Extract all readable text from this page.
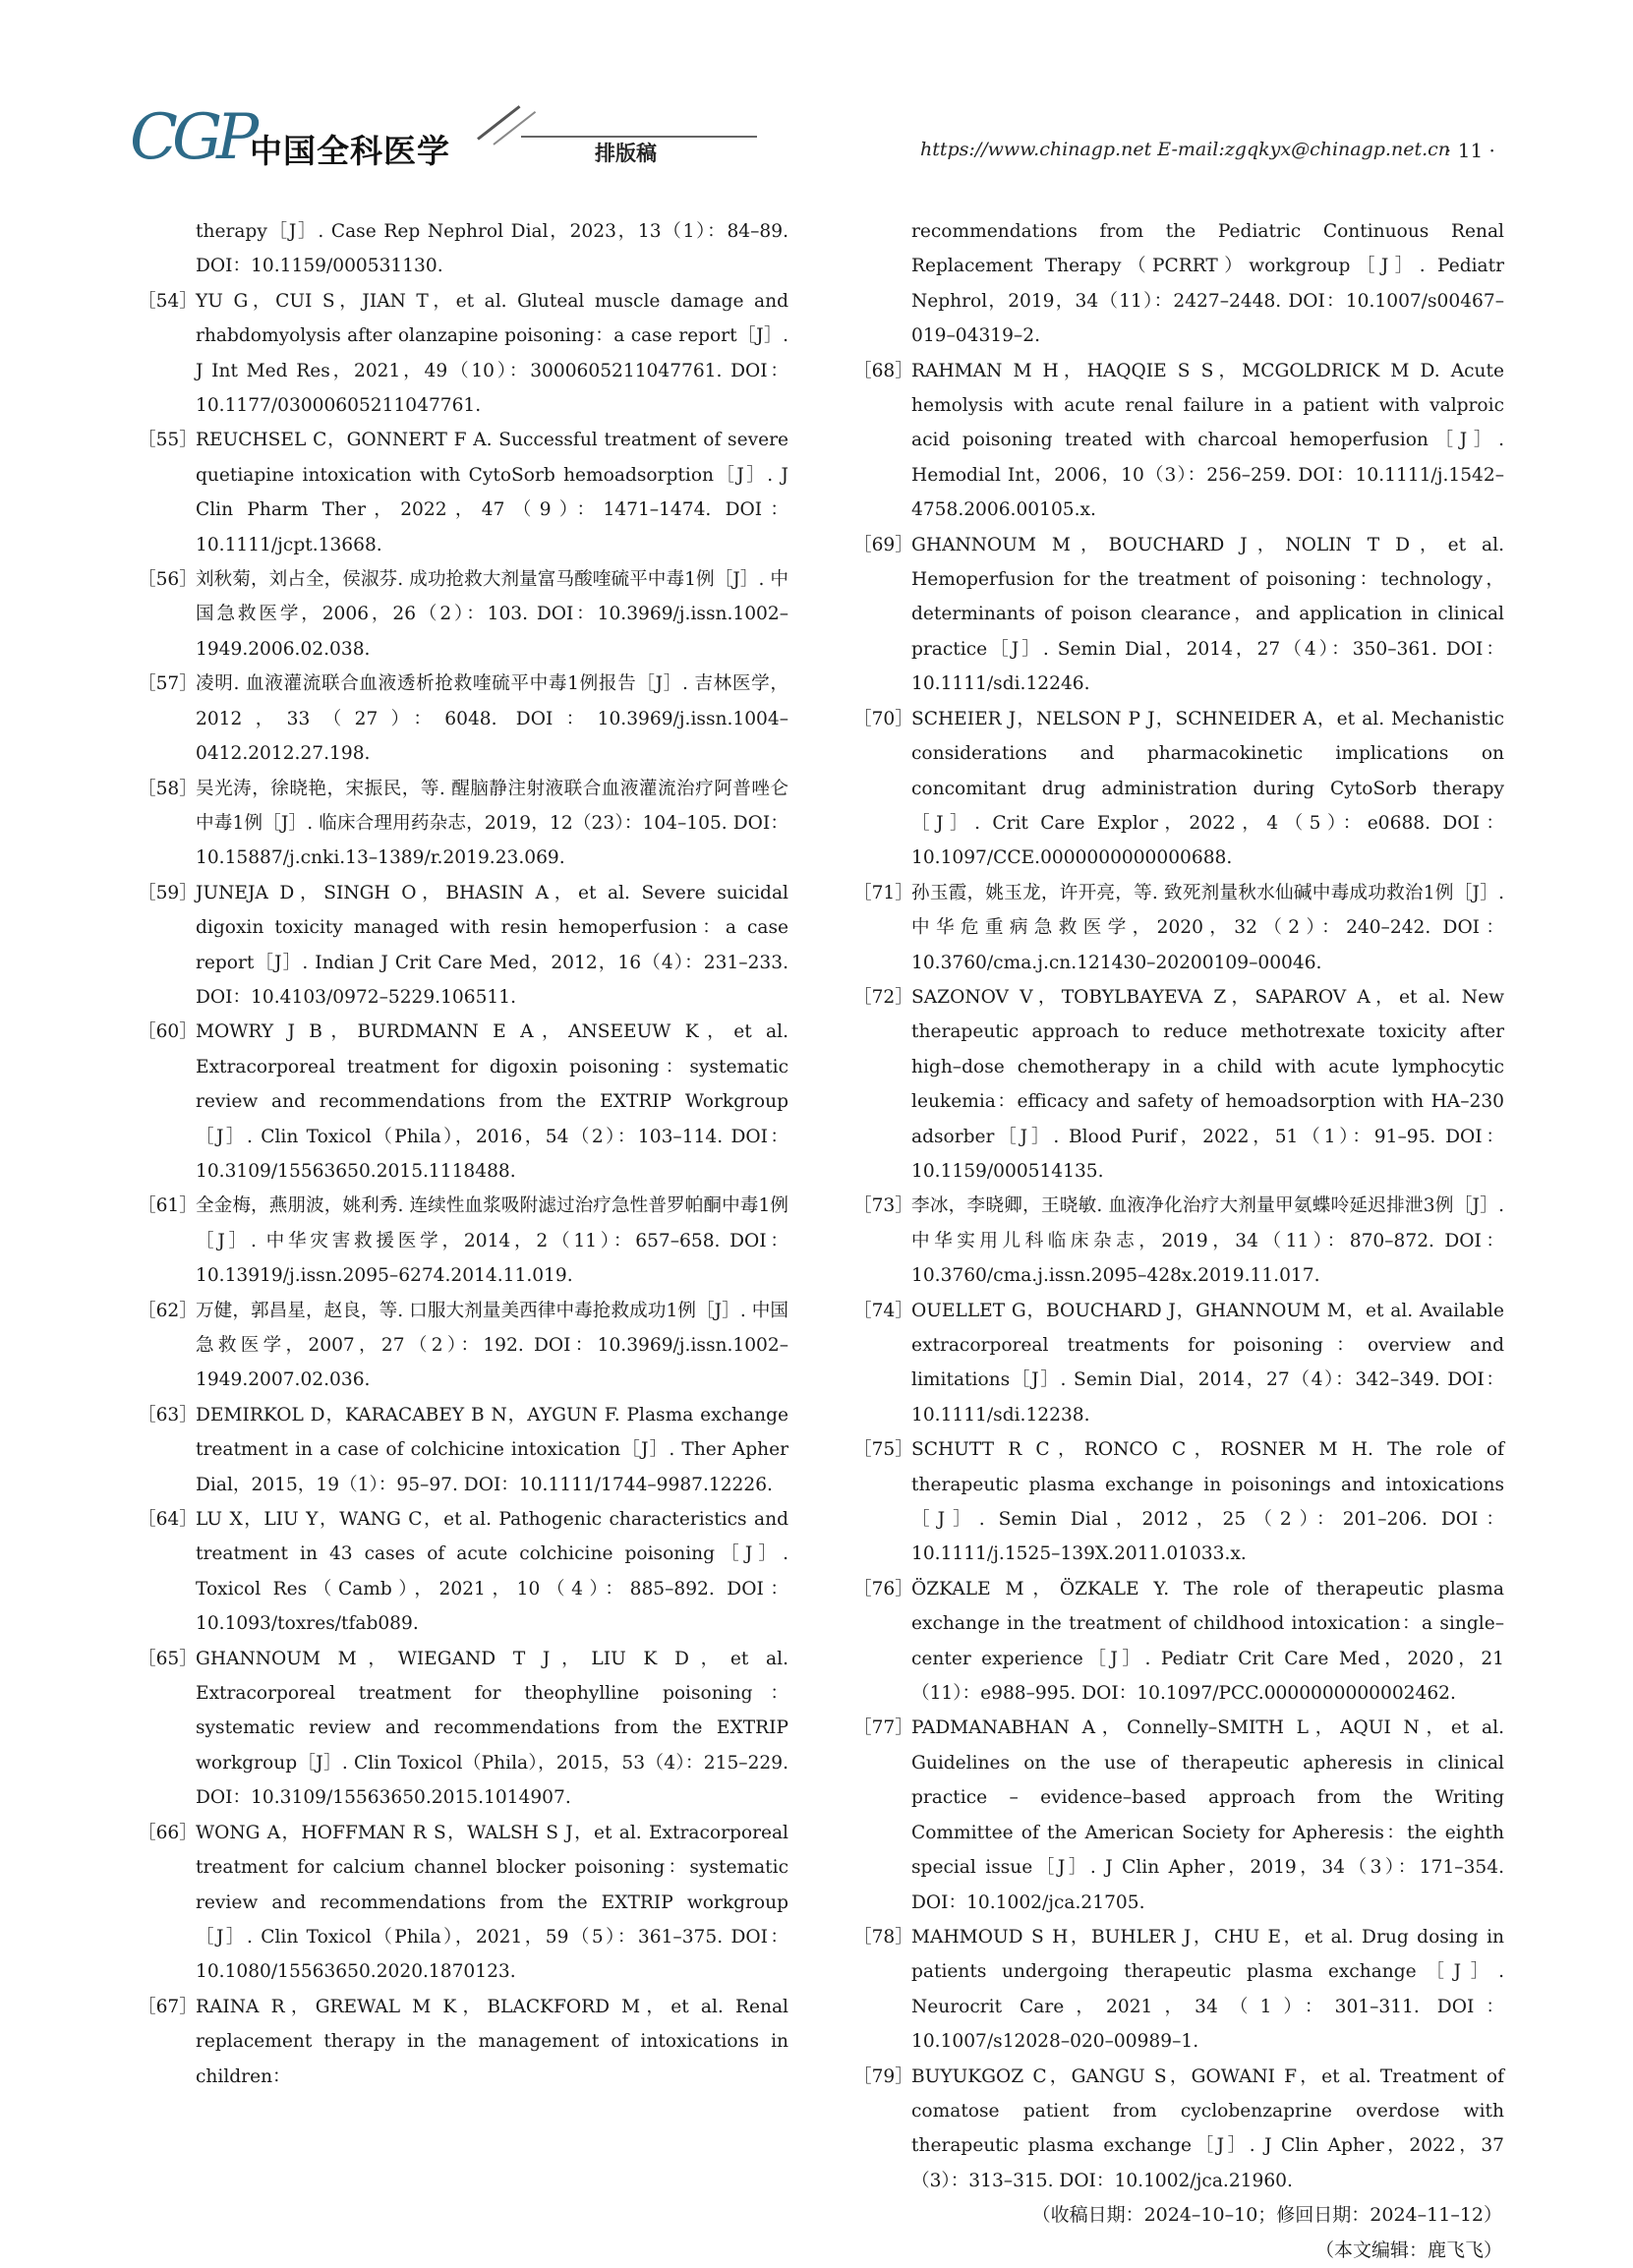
CGP
中国全科医学	排版稿	https://www.chinagp.net E-mail:zgqkyx@chinagp.net.cn
· 11 ·
therapy［J］. Case Rep Nephrol Dial，2023，13（1）：84–89. DOI：10.1159/000531130.
［54］
YU G，CUI S，JIAN T，et al. Gluteal muscle damage and rhabdomyolysis after olanzapine poisoning：a case report［J］. J Int Med Res，2021，49（10）：3000605211047761. DOI：10.1177/03000605211047761.
［55］
REUCHSEL C，GONNERT F A. Successful treatment of severe quetiapine intoxication with CytoSorb hemoadsorption［J］. J Clin Pharm Ther，2022，47（9）：1471–1474. DOI：10.1111/jcpt.13668.
［56］
刘秋菊，刘占全，侯淑芬. 成功抢救大剂量富马酸喹硫平中毒1例［J］. 中国急救医学，2006，26（2）：103. DOI：10.3969/j.issn.1002–1949.2006.02.038.
［57］
凌明. 血液灌流联合血液透析抢救喹硫平中毒1例报告［J］. 吉林医学，2012，33（27）：6048. DOI：10.3969/j.issn.1004–0412.2012.27.198.
［58］
吴光涛，徐晓艳，宋振民，等. 醒脑静注射液联合血液灌流治疗阿普唑仑中毒1例［J］. 临床合理用药杂志，2019，12（23）：104–105. DOI：10.15887/j.cnki.13–1389/r.2019.23.069.
［59］
JUNEJA D，SINGH O，BHASIN A，et al. Severe suicidal digoxin toxicity managed with resin hemoperfusion：a case report［J］. Indian J Crit Care Med，2012，16（4）：231–233. DOI：10.4103/0972–5229.106511.
［60］
MOWRY J B，BURDMANN E A，ANSEEUW K，et al. Extracorporeal treatment for digoxin poisoning：systematic review and recommendations from the EXTRIP Workgroup［J］. Clin Toxicol（Phila），2016，54（2）：103–114. DOI：10.3109/15563650.2015.1118488.
［61］
全金梅，燕朋波，姚利秀. 连续性血浆吸附滤过治疗急性普罗帕酮中毒1例［J］. 中华灾害救援医学，2014，2（11）：657–658. DOI：10.13919/j.issn.2095–6274.2014.11.019.
［62］
万健，郭昌星，赵良，等. 口服大剂量美西律中毒抢救成功1例［J］. 中国急救医学，2007，27（2）：192. DOI：10.3969/j.issn.1002–1949.2007.02.036.
［63］
DEMIRKOL D，KARACABEY B N，AYGUN F. Plasma exchange treatment in a case of colchicine intoxication［J］. Ther Apher Dial，2015，19（1）：95–97. DOI：10.1111/1744–9987.12226.
［64］
LU X，LIU Y，WANG C，et al. Pathogenic characteristics and treatment in 43 cases of acute colchicine poisoning［J］. Toxicol Res（Camb），2021，10（4）：885–892. DOI：10.1093/toxres/tfab089.
［65］
GHANNOUM M，WIEGAND T J，LIU K D，et al. Extracorporeal treatment for theophylline poisoning：systematic review and recommendations from the EXTRIP workgroup［J］. Clin Toxicol（Phila），2015，53（4）：215–229. DOI：10.3109/15563650.2015.1014907.
［66］
WONG A，HOFFMAN R S，WALSH S J，et al. Extracorporeal treatment for calcium channel blocker poisoning：systematic review and recommendations from the EXTRIP workgroup［J］. Clin Toxicol（Phila），2021，59（5）：361–375. DOI：10.1080/15563650.2020.1870123.
［67］
RAINA R，GREWAL M K，BLACKFORD M，et al. Renal replacement therapy in the management of intoxications in children：
recommendations from the Pediatric Continuous Renal Replacement Therapy（PCRRT）workgroup［J］. Pediatr Nephrol，2019，34（11）：2427–2448. DOI：10.1007/s00467–019–04319–2.
［68］
RAHMAN M H，HAQQIE S S，MCGOLDRICK M D. Acute hemolysis with acute renal failure in a patient with valproic acid poisoning treated with charcoal hemoperfusion［J］. Hemodial Int，2006，10（3）：256–259. DOI：10.1111/j.1542–4758.2006.00105.x.
［69］
GHANNOUM M，BOUCHARD J，NOLIN T D，et al. Hemoperfusion for the treatment of poisoning：technology，determinants of poison clearance，and application in clinical practice［J］. Semin Dial，2014，27（4）：350–361. DOI：10.1111/sdi.12246.
［70］
SCHEIER J，NELSON P J，SCHNEIDER A，et al. Mechanistic considerations and pharmacokinetic implications on concomitant drug administration during CytoSorb therapy［J］. Crit Care Explor，2022，4（5）：e0688. DOI：10.1097/CCE.0000000000000688.
［71］
孙玉霞，姚玉龙，许开亮，等. 致死剂量秋水仙碱中毒成功救治1例［J］. 中华危重病急救医学，2020，32（2）：240–242. DOI：10.3760/cma.j.cn.121430–20200109–00046.
［72］
SAZONOV V，TOBYLBAYEVA Z，SAPAROV A，et al. New therapeutic approach to reduce methotrexate toxicity after high–dose chemotherapy in a child with acute lymphocytic leukemia：efficacy and safety of hemoadsorption with HA–230 adsorber［J］. Blood Purif，2022，51（1）：91–95. DOI：10.1159/000514135.
［73］
李冰，李晓卿，王晓敏. 血液净化治疗大剂量甲氨蝶呤延迟排泄3例［J］. 中华实用儿科临床杂志，2019，34（11）：870–872. DOI：10.3760/cma.j.issn.2095–428x.2019.11.017.
［74］
OUELLET G，BOUCHARD J，GHANNOUM M，et al. Available extracorporeal treatments for poisoning：overview and limitations［J］. Semin Dial，2014，27（4）：342–349. DOI：10.1111/sdi.12238.
［75］
SCHUTT R C，RONCO C，ROSNER M H. The role of therapeutic plasma exchange in poisonings and intoxications［J］. Semin Dial，2012，25（2）：201–206. DOI：10.1111/j.1525–139X.2011.01033.x.
［76］
ÖZKALE M，ÖZKALE Y. The role of therapeutic plasma exchange in the treatment of childhood intoxication：a single–center experience［J］. Pediatr Crit Care Med，2020，21（11）：e988–995. DOI：10.1097/PCC.0000000000002462.
［77］
PADMANABHAN A，Connelly–SMITH L，AQUI N，et al. Guidelines on the use of therapeutic apheresis in clinical practice – evidence–based approach from the Writing Committee of the American Society for Apheresis：the eighth special issue［J］. J Clin Apher，2019，34（3）：171–354. DOI：10.1002/jca.21705.
［78］
MAHMOUD S H，BUHLER J，CHU E，et al. Drug dosing in patients undergoing therapeutic plasma exchange［J］. Neurocrit Care，2021，34（1）：301–311. DOI：10.1007/s12028–020–00989–1.
［79］
BUYUKGOZ C，GANGU S，GOWANI F，et al. Treatment of comatose patient from cyclobenzaprine overdose with therapeutic plasma exchange［J］. J Clin Apher，2022，37（3）：313–315. DOI：10.1002/jca.21960.
（收稿日期：2024–10–10；修回日期：2024–11–12）
（本文编辑：鹿飞飞）
